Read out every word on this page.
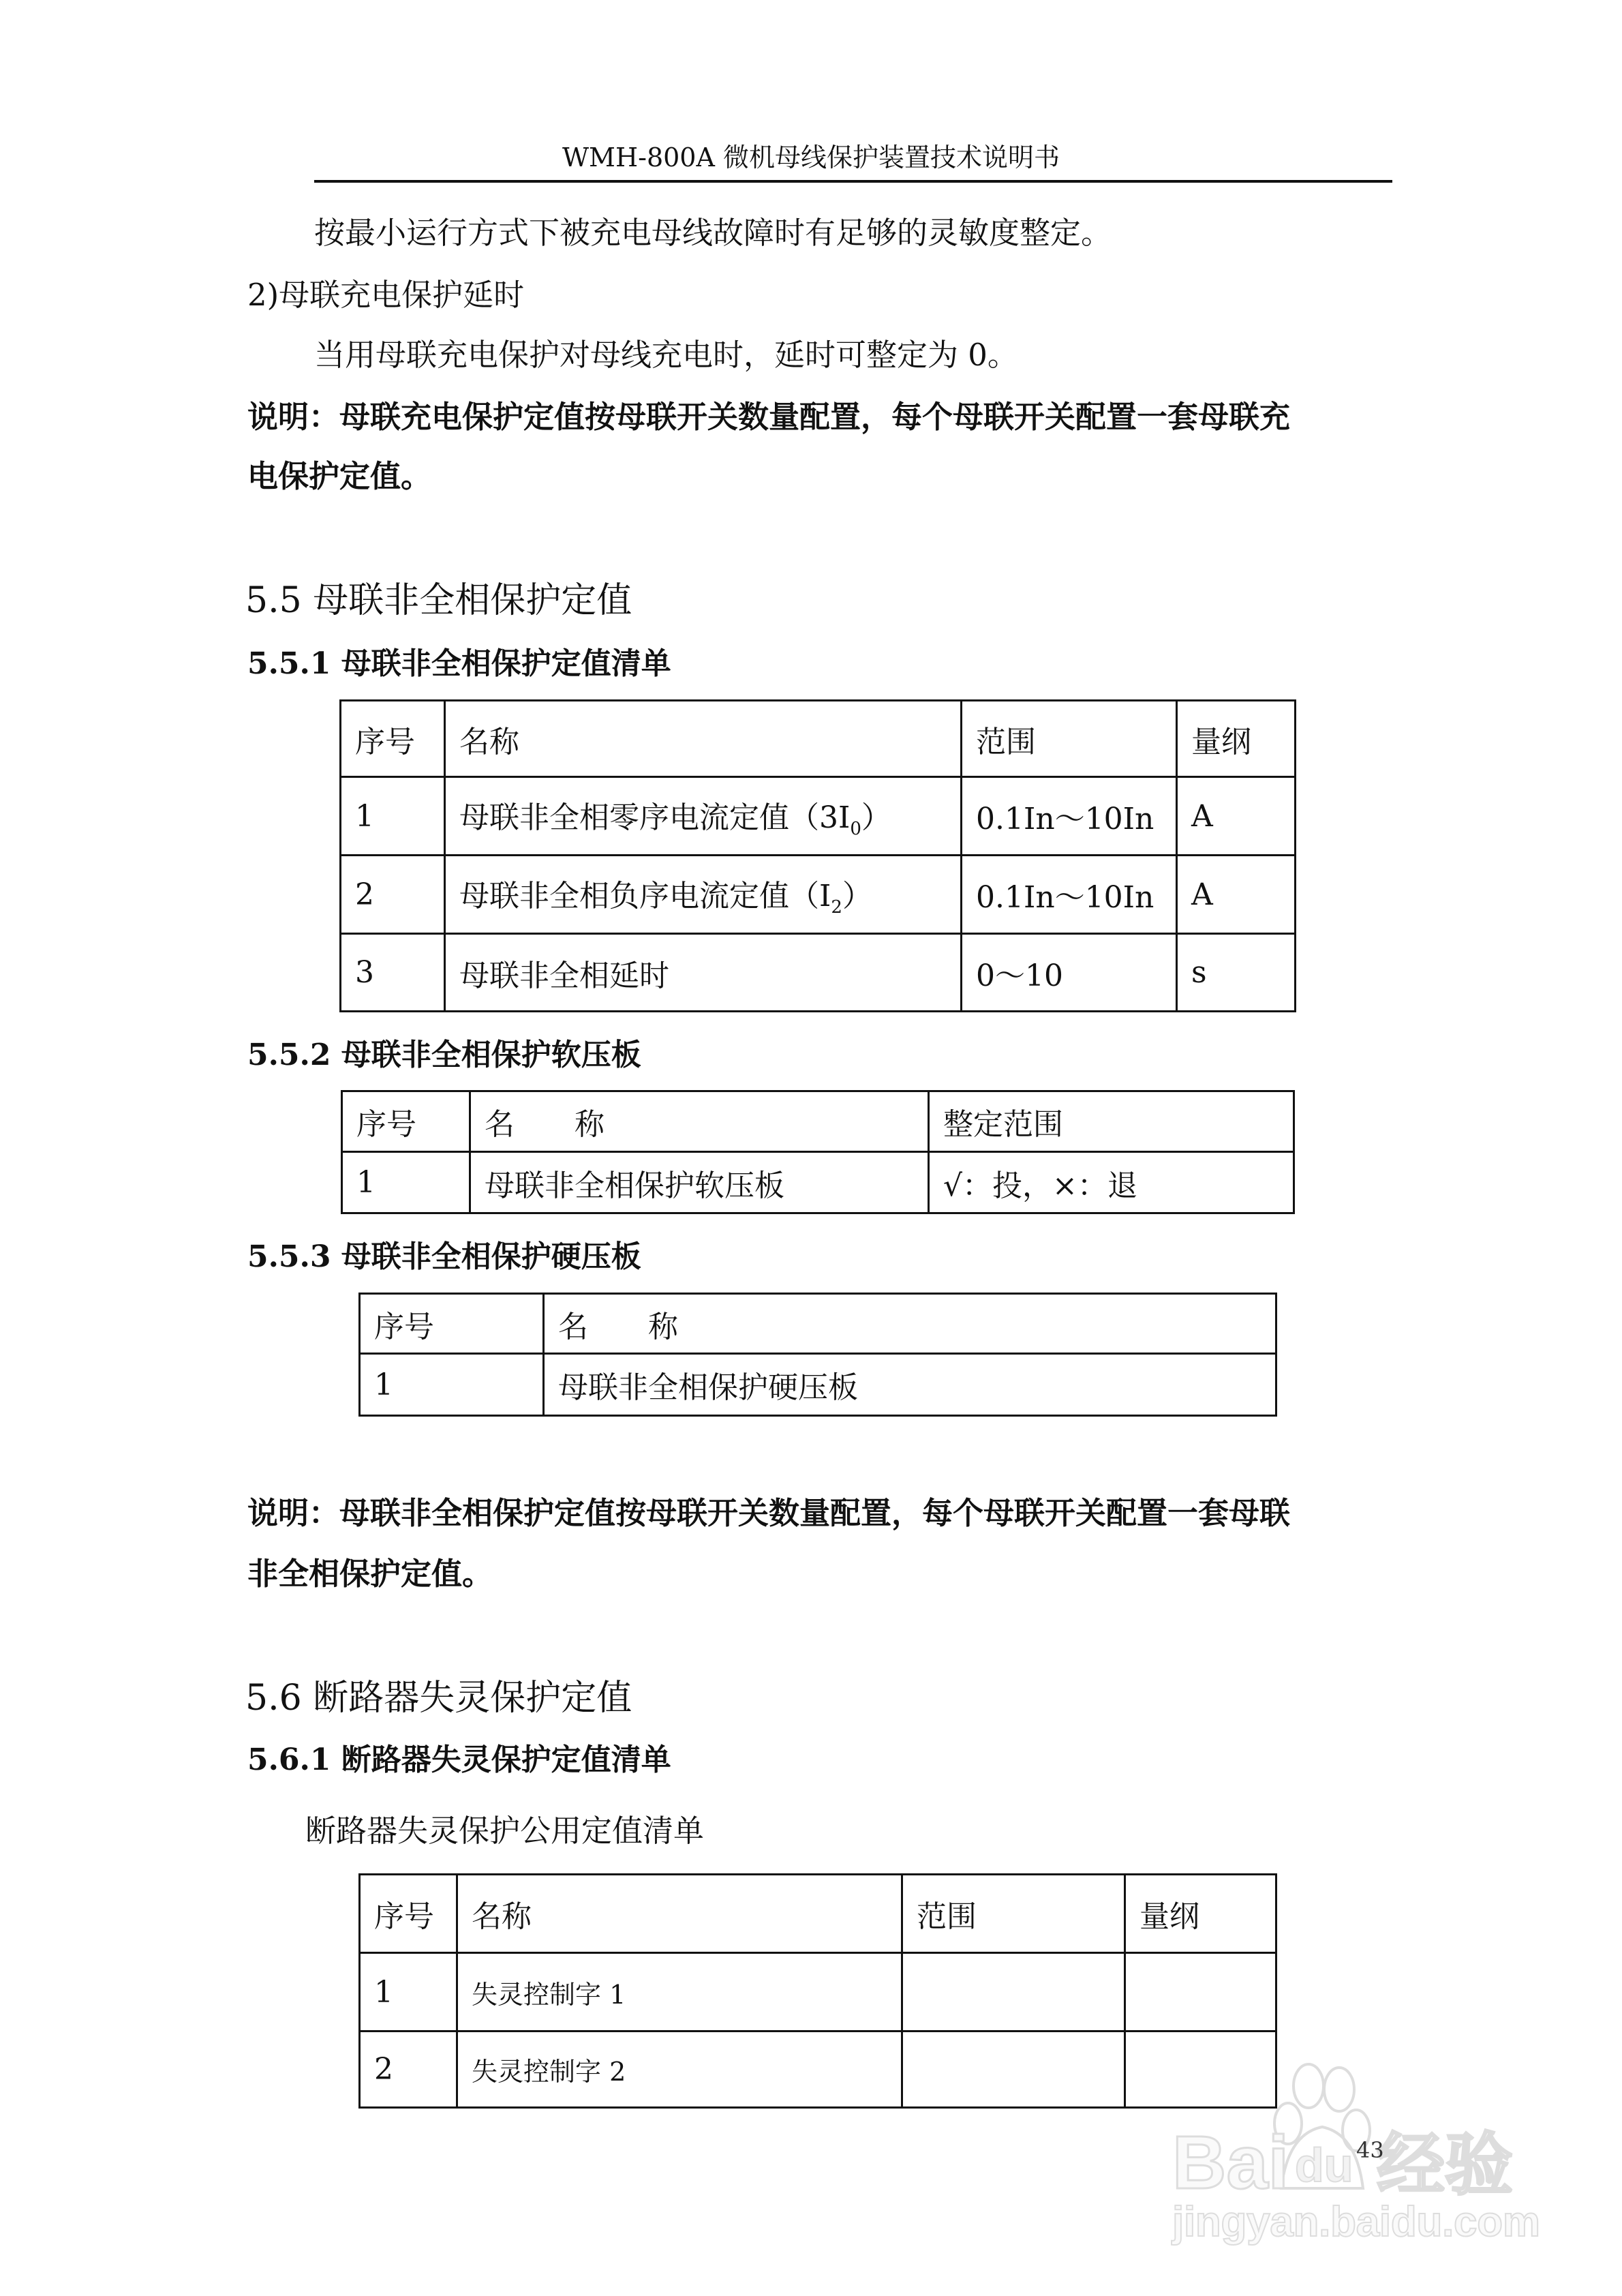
WMH-800A 微机母线保护装置技术说明书
按最小运行方式下被充电母线故障时有足够的灵敏度整定。
2)母联充电保护延时
当用母联充电保护对母线充电时，延时可整定为 0。
说明：母联充电保护定值按母联开关数量配置，每个母联开关配置一套母联充
电保护定值。
5.5 母联非全相保护定值
5.5.1 母联非全相保护定值清单
序号	名称	范围	量纲
1	母联非全相零序电流定值$(3I_0)$	0.1In～10In	A
2	母联非全相负序电流定值$(I_2)$	0.1In～10In	A
3	母联非全相延时	0～10	s
5.5.2 母联非全相保护软压板
序号	名　　称	整定范围
1	母联非全相保护软压板	√：投，×：退
5.5.3 母联非全相保护硬压板
序号	名　　称
1	母联非全相保护硬压板
说明：母联非全相保护定值按母联开关数量配置，每个母联开关配置一套母联
非全相保护定值。
5.6 断路器失灵保护定值
5.6.1 断路器失灵保护定值清单
断路器失灵保护公用定值清单
序号	名称	范围	量纲
1	失灵控制字 1		
2	失灵控制字 2		
Bai du 经验
jingyan.baidu.com
43
